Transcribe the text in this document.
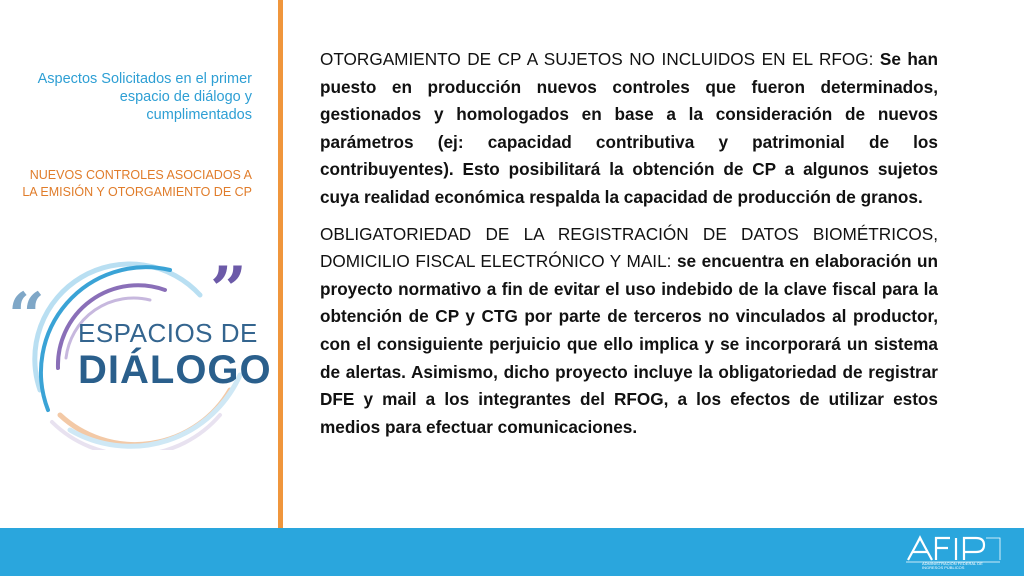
Aspectos Solicitados en el primer espacio de diálogo y cumplimentados
NUEVOS CONTROLES ASOCIADOS A LA EMISIÓN Y OTORGAMIENTO DE CP
“	”
ESPACIOS DE
DIÁLOGO

OTORGAMIENTO DE CP A SUJETOS NO INCLUIDOS EN EL RFOG: Se han puesto en producción nuevos controles que fueron determinados, gestionados y homologados en base a la consideración de nuevos parámetros (ej: capacidad contributiva y patrimonial de los contribuyentes). Esto posibilitará la obtención de CP a algunos sujetos cuya realidad económica respalda la capacidad de producción de granos.

OBLIGATORIEDAD DE LA REGISTRACIÓN DE DATOS BIOMÉTRICOS, DOMICILIO FISCAL ELECTRÓNICO Y MAIL: se encuentra en elaboración un proyecto normativo a fin de evitar el uso indebido de la clave fiscal para la obtención de CP y CTG por parte de terceros no vinculados al productor, con el consiguiente perjuicio que ello implica y se incorporará un sistema de alertas. Asimismo, dicho proyecto incluye la obligatoriedad de registrar DFE y mail a los integrantes del RFOG, a los efectos de utilizar estos medios para efectuar comunicaciones.

ADMINISTRACIÓN FEDERAL DE INGRESOS PÚBLICOS
